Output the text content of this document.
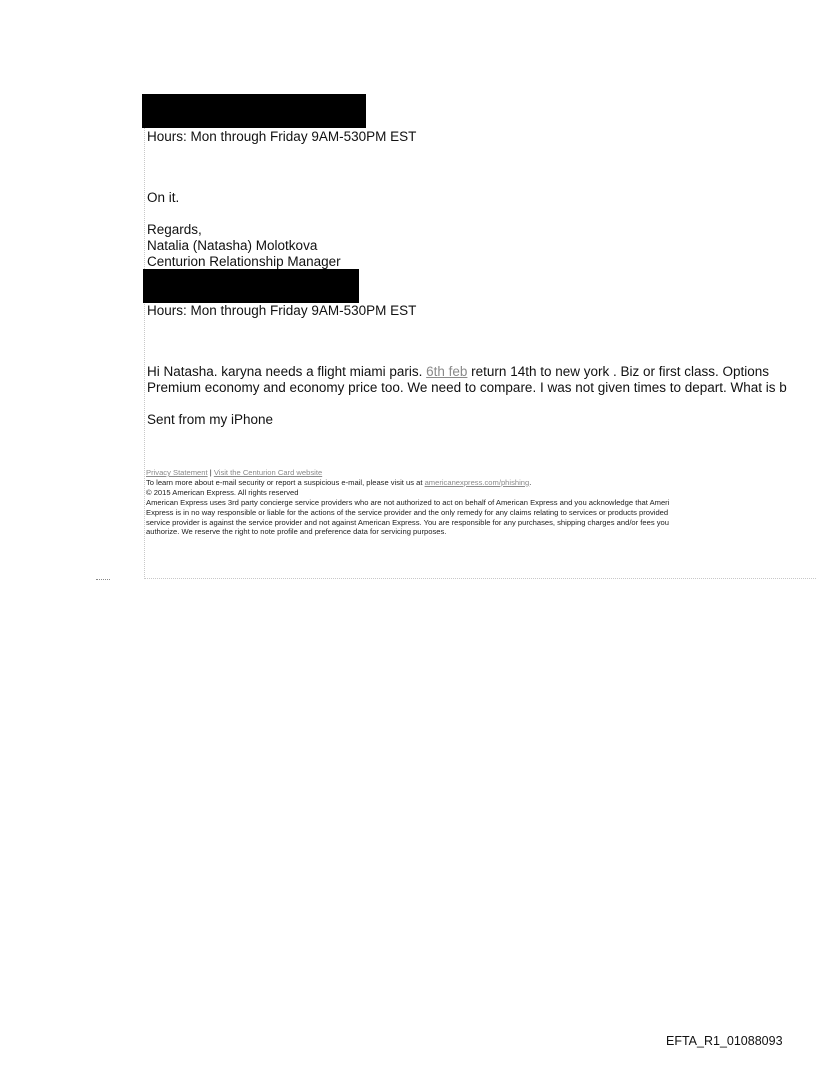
Hours: Mon through Friday 9AM-530PM EST
On it.
Regards,
Natalia (Natasha) Molotkova
Centurion Relationship Manager
Hours: Mon through Friday 9AM-530PM EST
Hi Natasha. karyna needs a flight miami paris. 6th feb return 14th to new york . Biz or first class. Options
Premium economy and economy price too. We need to compare. I was not given times to depart. What is b
Sent from my iPhone
Privacy Statement | Visit the Centurion Card website
To learn more about e-mail security or report a suspicious e-mail, please visit us at americanexpress.com/phishing.
© 2015 American Express. All rights reserved
American Express uses 3rd party concierge service providers who are not authorized to act on behalf of American Express and you acknowledge that Ameri
Express is in no way responsible or liable for the actions of the service provider and the only remedy for any claims relating to services or products provided
service provider is against the service provider and not against American Express. You are responsible for any purchases, shipping charges and/or fees you
authorize. We reserve the right to note profile and preference data for servicing purposes.
EFTA_R1_01088093
